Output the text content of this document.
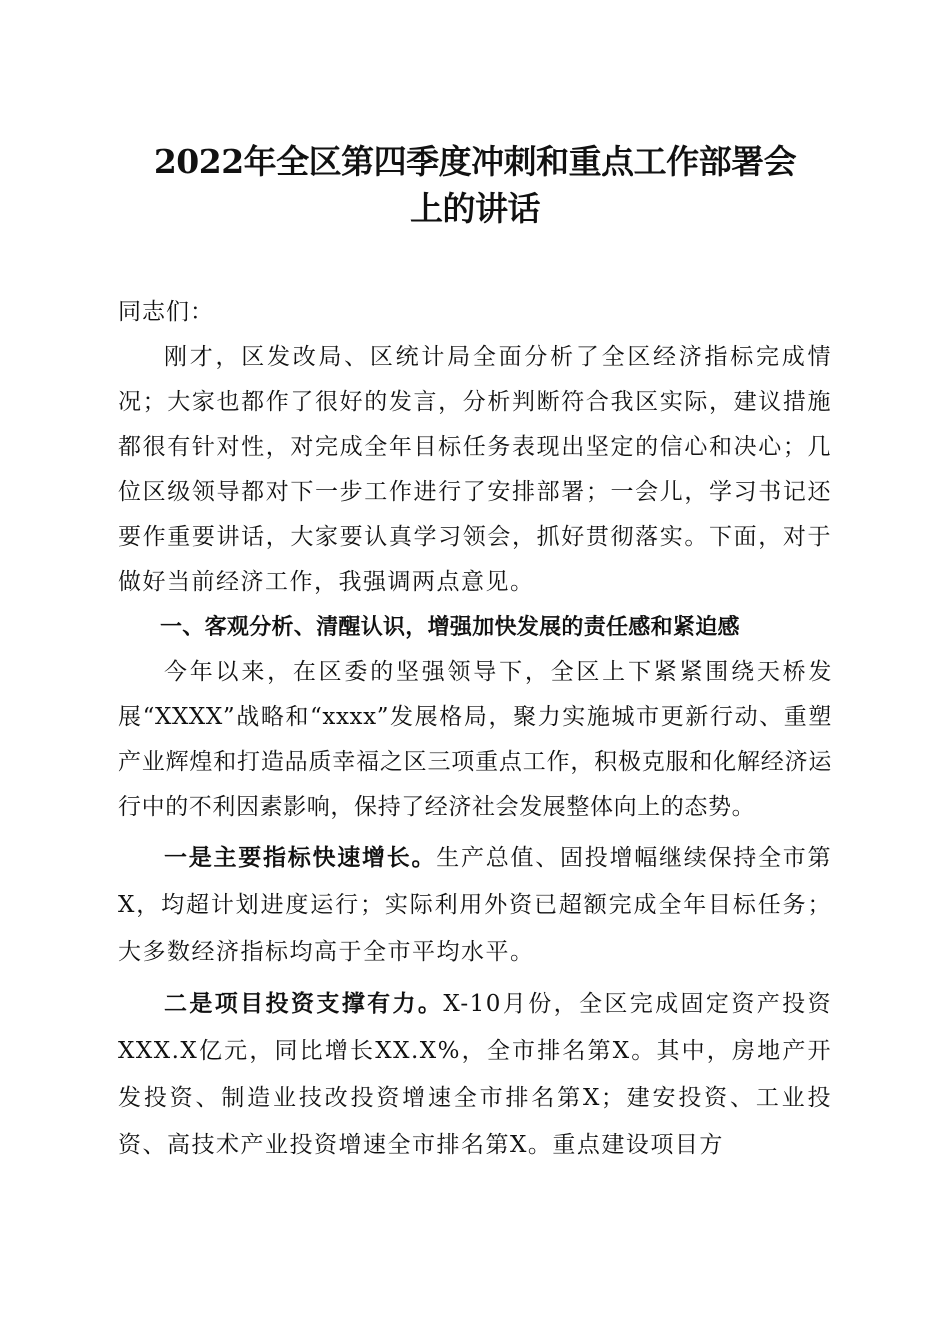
2022年全区第四季度冲刺和重点工作部署会
上的讲话

同志们：

刚才，区发改局、区统计局全面分析了全区经济指标完成情况；大家也都作了很好的发言，分析判断符合我区实际，建议措施都很有针对性，对完成全年目标任务表现出坚定的信心和决心；几位区级领导都对下一步工作进行了安排部署；一会儿，学习书记还要作重要讲话，大家要认真学习领会，抓好贯彻落实。下面，对于做好当前经济工作，我强调两点意见。

一、客观分析、清醒认识，增强加快发展的责任感和紧迫感

今年以来，在区委的坚强领导下，全区上下紧紧围绕天桥发展“XXXX”战略和“xxxx”发展格局，聚力实施城市更新行动、重塑产业辉煌和打造品质幸福之区三项重点工作，积极克服和化解经济运行中的不利因素影响，保持了经济社会发展整体向上的态势。

一是主要指标快速增长。生产总值、固投增幅继续保持全市第X，均超计划进度运行；实际利用外资已超额完成全年目标任务；大多数经济指标均高于全市平均水平。

二是项目投资支撑有力。X-10月份，全区完成固定资产投资XXX.X亿元，同比增长XX.X%，全市排名第X。其中，房地产开发投资、制造业技改投资增速全市排名第X；建安投资、工业投资、高技术产业投资增速全市排名第X。重点建设项目方
